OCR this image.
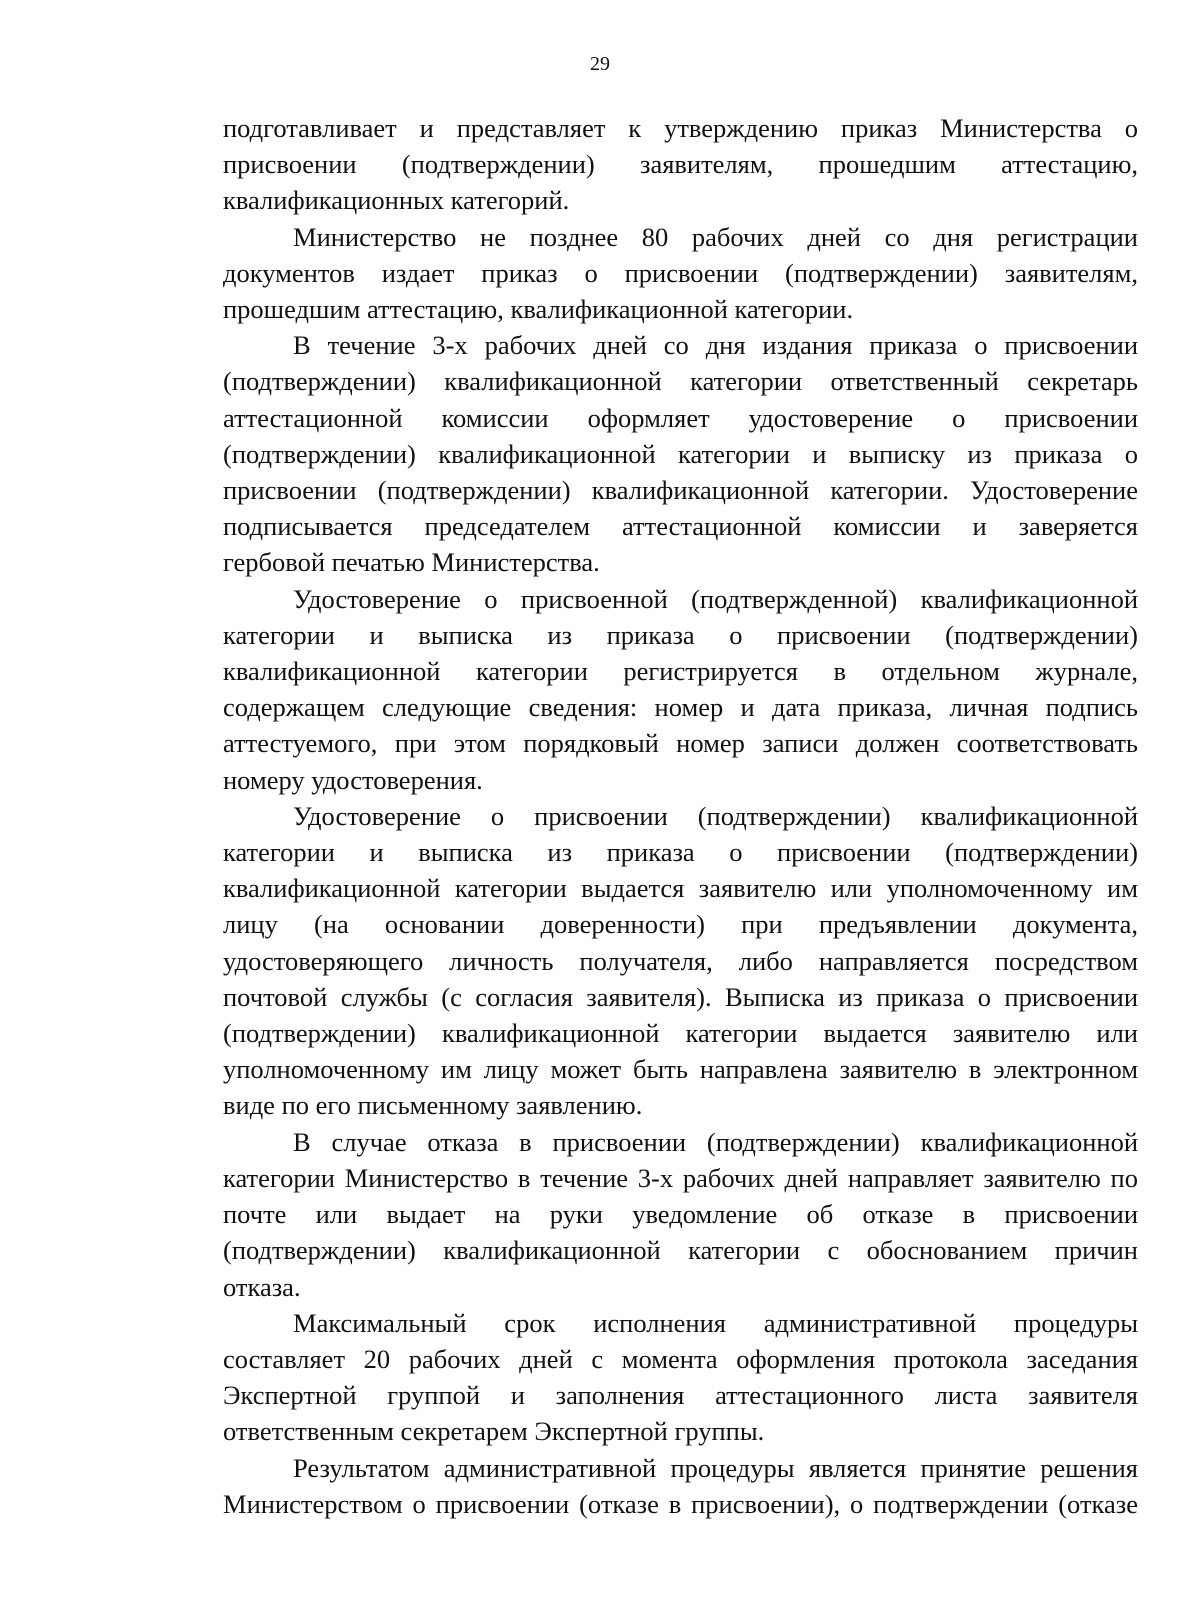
29
подготавливает и представляет к утверждению приказ Министерства о
присвоении (подтверждении) заявителям, прошедшим аттестацию,
квалификационных категорий.
Министерство не позднее 80 рабочих дней со дня регистрации
документов издает приказ о присвоении (подтверждении) заявителям,
прошедшим аттестацию, квалификационной категории.
В течение 3-х рабочих дней со дня издания приказа о присвоении
(подтверждении) квалификационной категории ответственный секретарь
аттестационной комиссии оформляет удостоверение о присвоении
(подтверждении) квалификационной категории и выписку из приказа о
присвоении (подтверждении) квалификационной категории. Удостоверение
подписывается председателем аттестационной комиссии и заверяется
гербовой печатью Министерства.
Удостоверение о присвоенной (подтвержденной) квалификационной
категории и выписка из приказа о присвоении (подтверждении)
квалификационной категории регистрируется в отдельном журнале,
содержащем следующие сведения: номер и дата приказа, личная подпись
аттестуемого, при этом порядковый номер записи должен соответствовать
номеру удостоверения.
Удостоверение о присвоении (подтверждении) квалификационной
категории и выписка из приказа о присвоении (подтверждении)
квалификационной категории выдается заявителю или уполномоченному им
лицу (на основании доверенности) при предъявлении документа,
удостоверяющего личность получателя, либо направляется посредством
почтовой службы (с согласия заявителя). Выписка из приказа о присвоении
(подтверждении) квалификационной категории выдается заявителю или
уполномоченному им лицу может быть направлена заявителю в электронном
виде по его письменному заявлению.
В случае отказа в присвоении (подтверждении) квалификационной
категории Министерство в течение 3-х рабочих дней направляет заявителю по
почте или выдает на руки уведомление об отказе в присвоении
(подтверждении) квалификационной категории с обоснованием причин
отказа.
Максимальный срок исполнения административной процедуры
составляет 20 рабочих дней с момента оформления протокола заседания
Экспертной группой и заполнения аттестационного листа заявителя
ответственным секретарем Экспертной группы.
Результатом административной процедуры является принятие решения
Министерством о присвоении (отказе в присвоении), о подтверждении (отказе
